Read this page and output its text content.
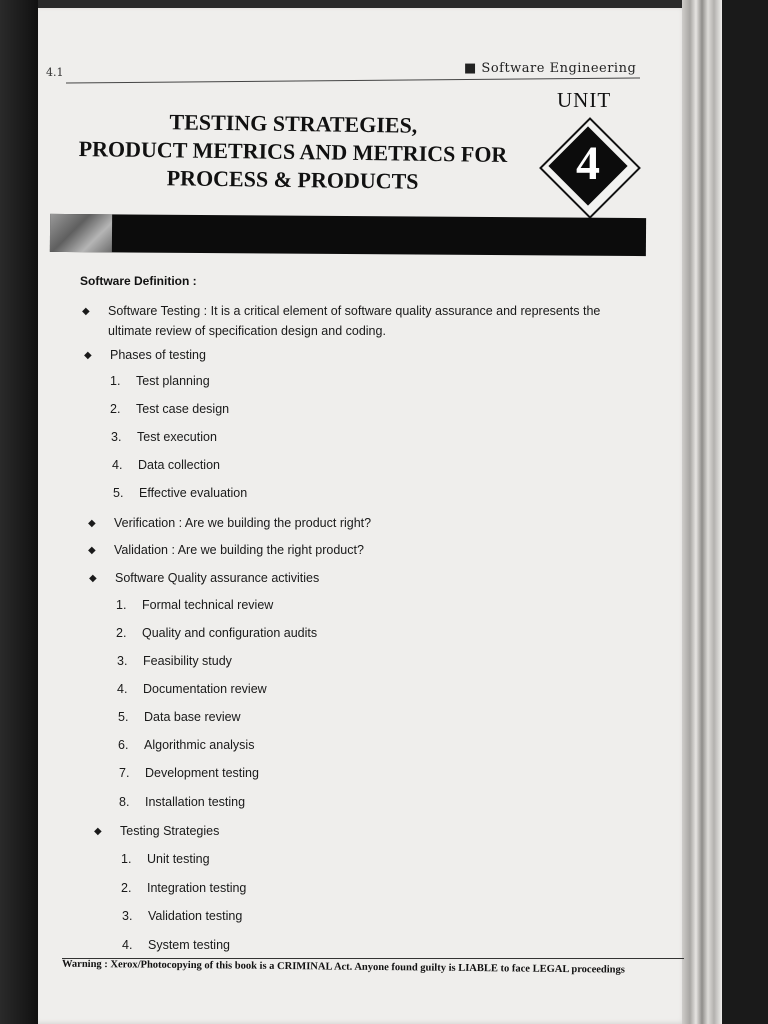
4.1	■ Software Engineering
UNIT
4
TESTING STRATEGIES,
PRODUCT METRICS AND METRICS FOR
PROCESS & PRODUCTS
Software Definition :
◆ Software Testing : It is a critical element of software quality assurance and represents the
ultimate review of specification design and coding.
◆ Phases of testing
1. Test planning
2. Test case design
3. Test execution
4. Data collection
5. Effective evaluation
◆ Verification : Are we building the product right?
◆ Validation : Are we building the right product?
◆ Software Quality assurance activities
1. Formal technical review
2. Quality and configuration audits
3. Feasibility study
4. Documentation review
5. Data base review
6. Algorithmic analysis
7. Development testing
8. Installation testing
◆ Testing Strategies
1. Unit testing
2. Integration testing
3. Validation testing
4. System testing
Warning : Xerox/Photocopying of this book is a CRIMINAL Act. Anyone found guilty is LIABLE to face LEGAL proceedings
